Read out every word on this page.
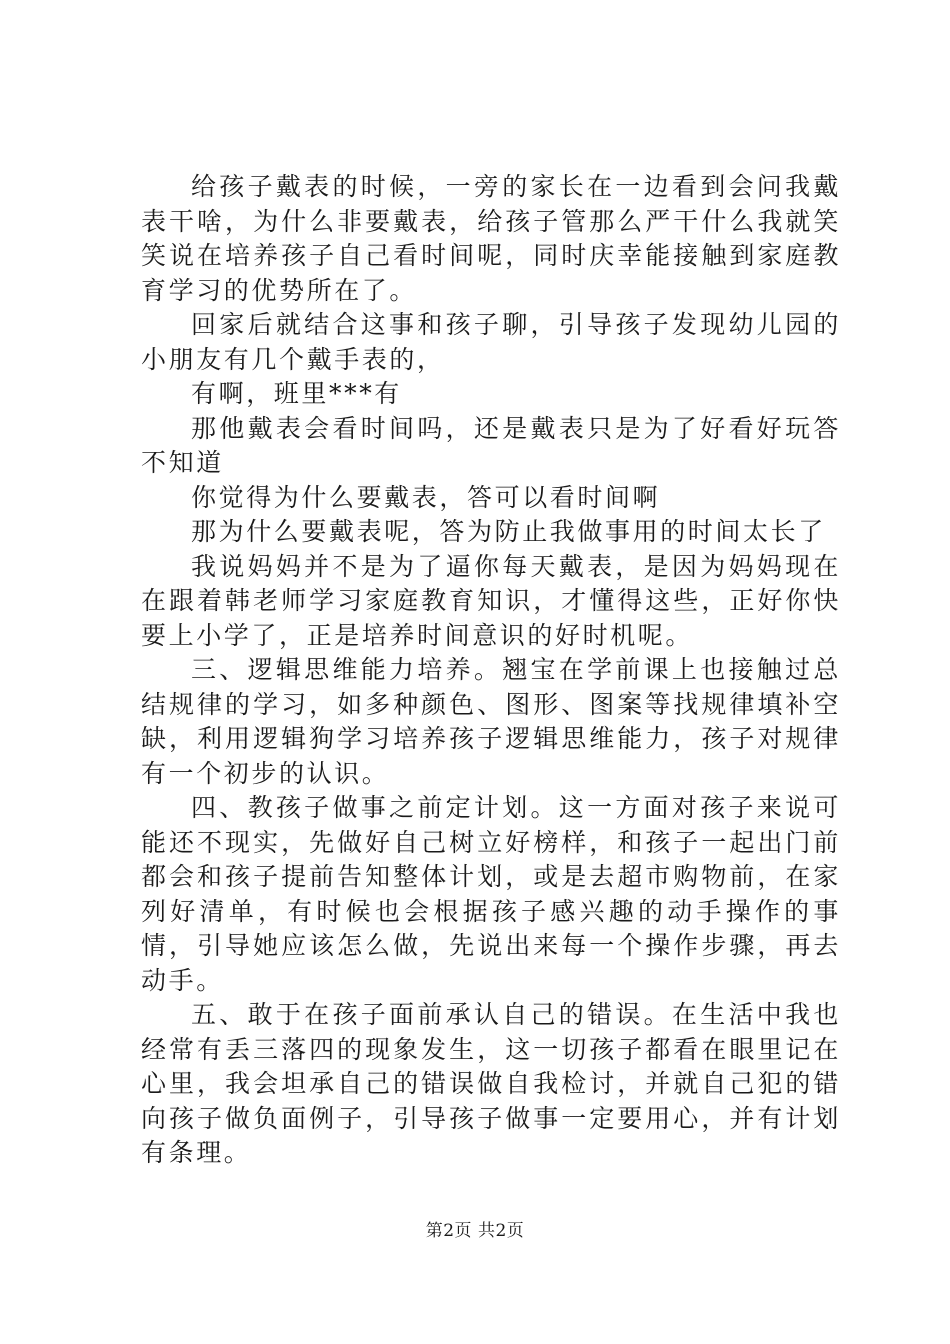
给孩子戴表的时候，一旁的家长在一边看到会问我戴表干啥，为什么非要戴表，给孩子管那么严干什么我就笑笑说在培养孩子自己看时间呢，同时庆幸能接触到家庭教育学习的优势所在了。

回家后就结合这事和孩子聊，引导孩子发现幼儿园的小朋友有几个戴手表的，

有啊，班里***有

那他戴表会看时间吗，还是戴表只是为了好看好玩答不知道

你觉得为什么要戴表，答可以看时间啊

那为什么要戴表呢，答为防止我做事用的时间太长了

我说妈妈并不是为了逼你每天戴表，是因为妈妈现在在跟着韩老师学习家庭教育知识，才懂得这些，正好你快要上小学了，正是培养时间意识的好时机呢。

三、逻辑思维能力培养。翘宝在学前课上也接触过总结规律的学习，如多种颜色、图形、图案等找规律填补空缺，利用逻辑狗学习培养孩子逻辑思维能力，孩子对规律有一个初步的认识。

四、教孩子做事之前定计划。这一方面对孩子来说可能还不现实，先做好自己树立好榜样，和孩子一起出门前都会和孩子提前告知整体计划，或是去超市购物前，在家列好清单，有时候也会根据孩子感兴趣的动手操作的事情，引导她应该怎么做，先说出来每一个操作步骤，再去动手。

五、敢于在孩子面前承认自己的错误。在生活中我也经常有丢三落四的现象发生，这一切孩子都看在眼里记在心里，我会坦承自己的错误做自我检讨，并就自己犯的错向孩子做负面例子，引导孩子做事一定要用心，并有计划有条理。

第2页 共2页
